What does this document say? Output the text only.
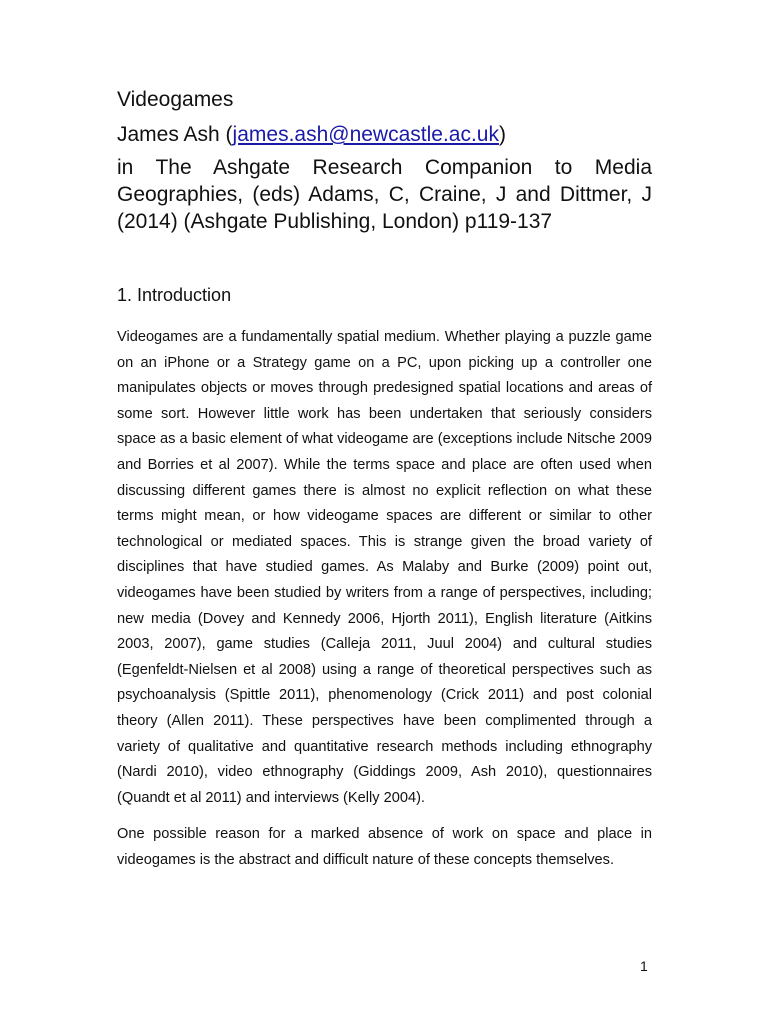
Videogames
James Ash (james.ash@newcastle.ac.uk)

in The Ashgate Research Companion to Media Geographies, (eds) Adams, C, Craine, J and Dittmer, J (2014) (Ashgate Publishing, London) p119-137

1. Introduction

Videogames are a fundamentally spatial medium. Whether playing a puzzle game on an iPhone or a Strategy game on a PC, upon picking up a controller one manipulates objects or moves through predesigned spatial locations and areas of some sort. However little work has been undertaken that seriously considers space as a basic element of what videogame are (exceptions include Nitsche 2009 and Borries et al 2007). While the terms space and place are often used when discussing different games there is almost no explicit reflection on what these terms might mean, or how videogame spaces are different or similar to other technological or mediated spaces. This is strange given the broad variety of disciplines that have studied games. As Malaby and Burke (2009) point out, videogames have been studied by writers from a range of perspectives, including; new media (Dovey and Kennedy 2006, Hjorth 2011), English literature (Aitkins 2003, 2007), game studies (Calleja 2011, Juul 2004) and cultural studies (Egenfeldt-Nielsen et al 2008) using a range of theoretical perspectives such as psychoanalysis (Spittle 2011), phenomenology (Crick 2011) and post colonial theory (Allen 2011). These perspectives have been complimented through a variety of qualitative and quantitative research methods including ethnography (Nardi 2010), video ethnography (Giddings 2009, Ash 2010), questionnaires (Quandt et al 2011) and interviews (Kelly 2004).

One possible reason for a marked absence of work on space and place in videogames is the abstract and difficult nature of these concepts themselves.

1
